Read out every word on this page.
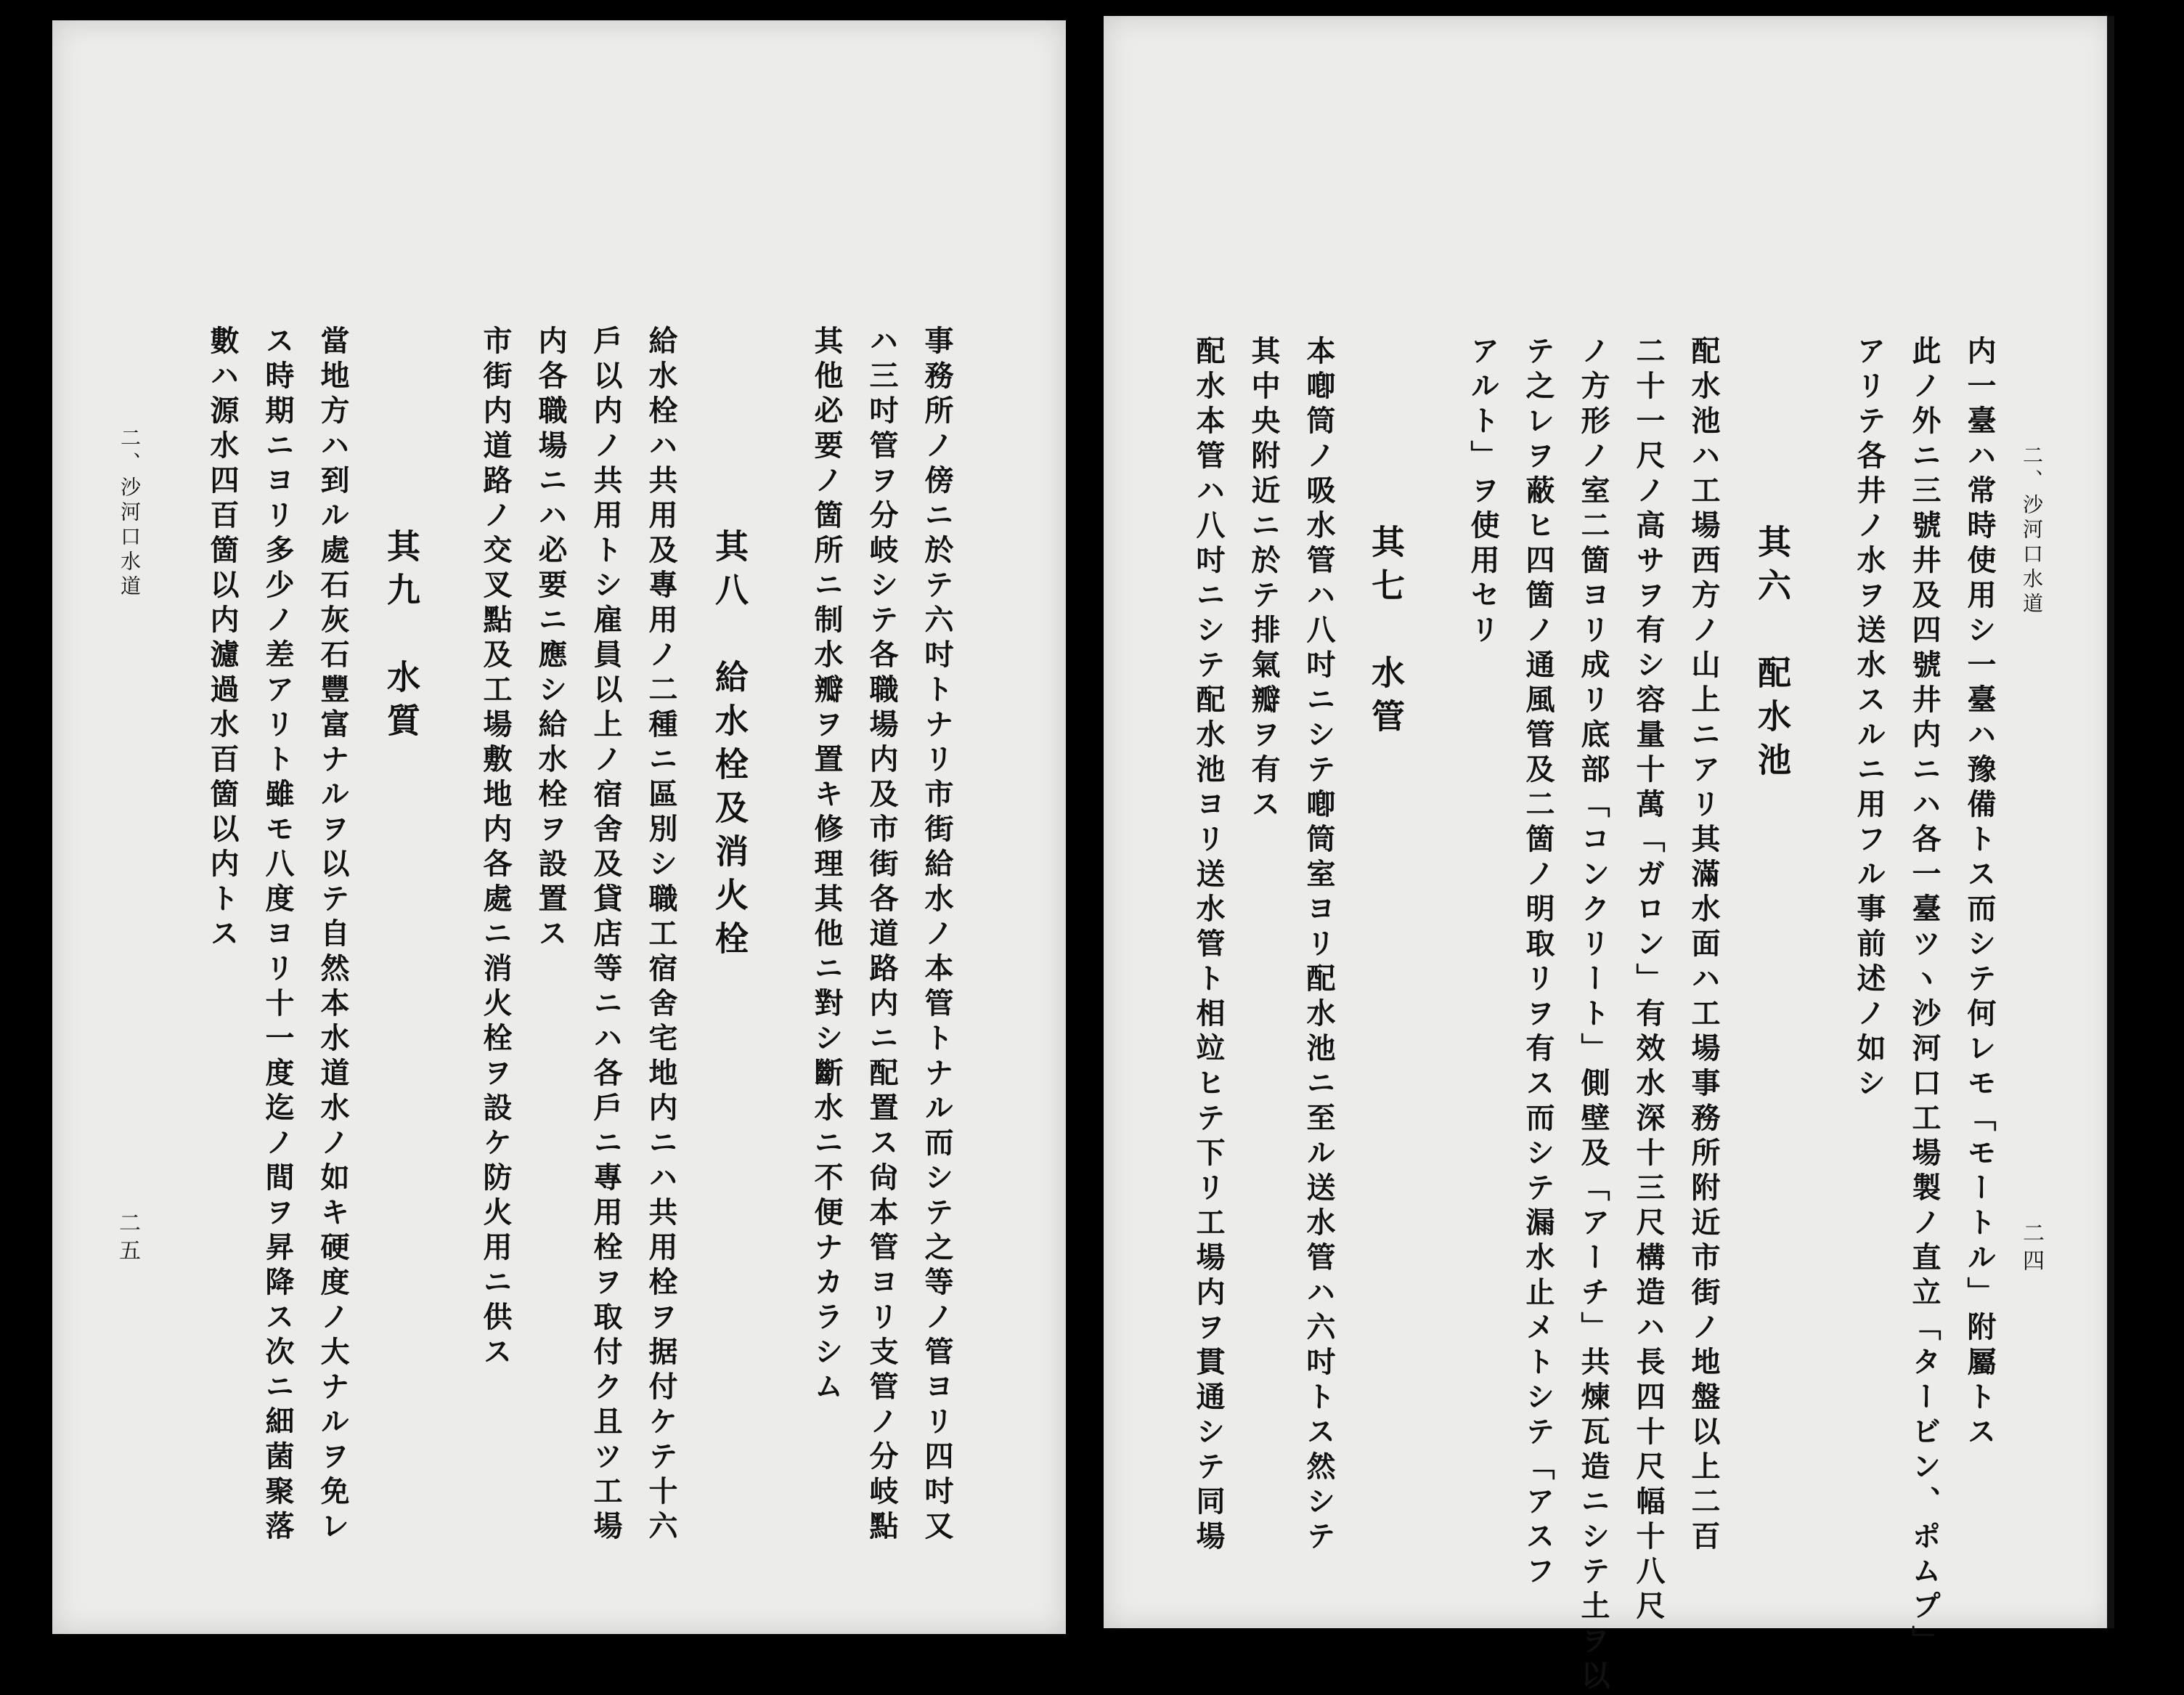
二五
二、沙河口水道 數ハ源水四百箇以内濾過水百箇以内トス ス時期ニヨリ多少ノ差アリト雖モ八度ヨリ十一度迄ノ間ヲ昇降ス次ニ細菌聚落 當地方ハ到ル處石灰石豐富ナルヲ以テ自然本水道水ノ如キ硬度ノ大ナルヲ免レ 其九　水質 市街内道路ノ交叉點及工場敷地内各處ニ消火栓ヲ設ケ防火用ニ供ス 内各職場ニハ必要ニ應シ給水栓ヲ設置ス 戶以内ノ共用トシ雇員以上ノ宿舍及貸店等ニハ各戶ニ專用栓ヲ取付ク且ツ工場 給水栓ハ共用及專用ノ二種ニ區別シ職工宿舍宅地内ニハ共用栓ヲ据付ケテ十六 其八　給水栓及消火栓 其他必要ノ箇所ニ制水瓣ヲ置キ修理其他ニ對シ斷水ニ不便ナカラシム ハ三吋管ヲ分岐シテ各職場内及市街各道路内ニ配置ス尙本管ヨリ支管ノ分岐點 事務所ノ傍ニ於テ六吋トナリ市街給水ノ本管トナル而シテ之等ノ管ヨリ四吋又	配水本管ハ八吋ニシテ配水池ヨリ送水管ト相竝ヒテ下リ工場内ヲ貫通シテ同場 其中央附近ニ於テ排氣瓣ヲ有ス 本喞筒ノ吸水管ハ八吋ニシテ喞筒室ヨリ配水池ニ至ル送水管ハ六吋トス然シテ 其七　水管 アルト」ヲ使用セリ テ之レヲ蔽ヒ四箇ノ通風管及二箇ノ明取リヲ有ス而シテ漏水止メトシテ「アスフ ノ方形ノ室二箇ヨリ成リ底部「コンクリート」側壁及「アーチ」共煉瓦造ニシテ土ヲ以 二十一尺ノ高サヲ有シ容量十萬「ガロン」有效水深十三尺構造ハ長四十尺幅十八尺 配水池ハ工場西方ノ山上ニアリ其滿水面ハ工場事務所附近市街ノ地盤以上二百 其六　配水池 アリテ各井ノ水ヲ送水スルニ用フル事前述ノ如シ 此ノ外ニ三號井及四號井内ニハ各一臺ツヽ沙河口工場製ノ直立「タービン、ポムプ」 内一臺ハ常時使用シ一臺ハ豫備トス而シテ何レモ「モートル」附屬トス 二、沙河口水道
二四
